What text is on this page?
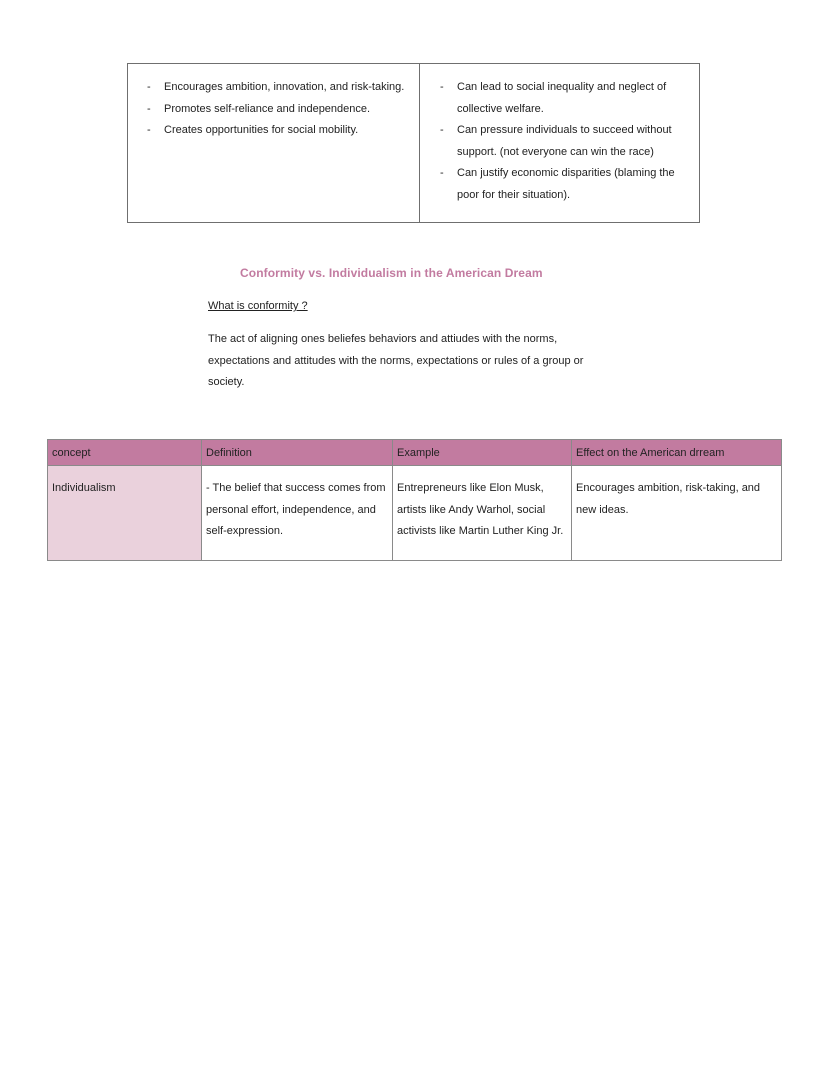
- Encourages ambition, innovation, and risk-taking.
- Promotes self-reliance and independence.
- Creates opportunities for social mobility.
- Can lead to social inequality and neglect of collective welfare.
- Can pressure individuals to succeed without support. (not everyone can win the race)
- Can justify economic disparities (blaming the poor for their situation).
Conformity vs. Individualism in the American Dream
What is conformity ?
The act of aligning ones beliefes behaviors and attiudes with the norms, expectations and attitudes with the norms, expectations or rules of a group or society.
concept	Definition	Example	Effect on the American drream
Individualism	- The belief that success comes from personal effort, independence, and self-expression.	Entrepreneurs like Elon Musk, artists like Andy Warhol, social activists like Martin Luther King Jr.	Encourages ambition, risk-taking, and new ideas.
